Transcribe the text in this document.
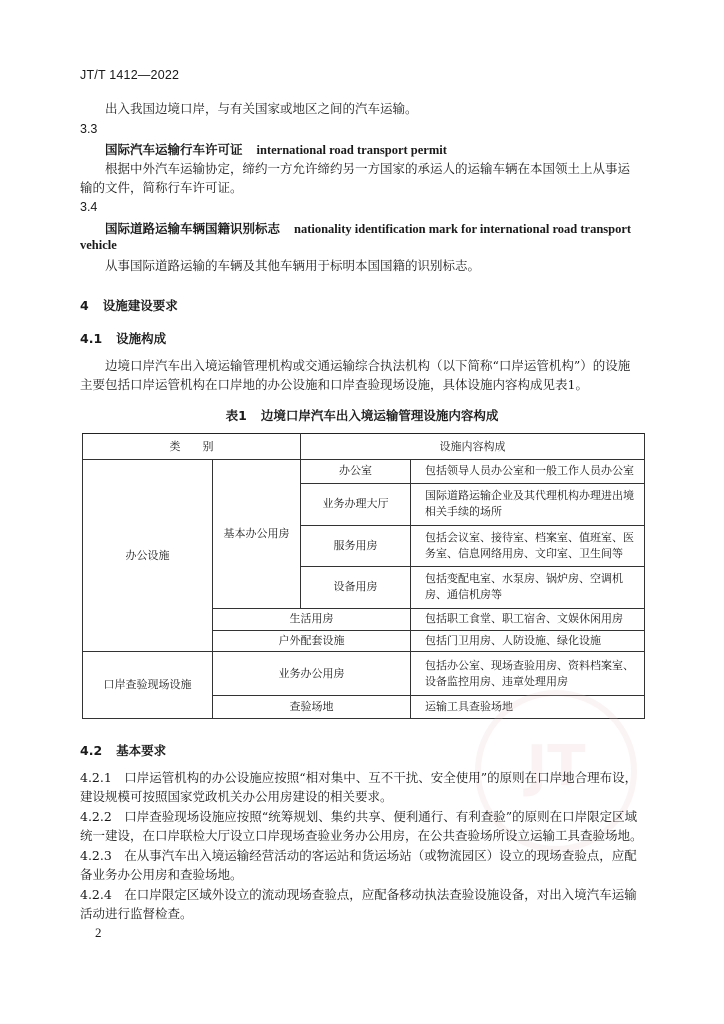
JT/T 1412—2022
出入我国边境口岸，与有关国家或地区之间的汽车运输。
3.3
国际汽车运输行车许可证 international road transport permit
根据中外汽车运输协定，缔约一方允许缔约另一方国家的承运人的运输车辆在本国领土上从事运
输的文件，简称行车许可证。
3.4
国际道路运输车辆国籍识别标志 nationality identification mark for international road transport
vehicle
从事国际道路运输的车辆及其他车辆用于标明本国国籍的识别标志。
4 设施建设要求
4.1 设施构成
边境口岸汽车出入境运输管理机构或交通运输综合执法机构（以下简称“口岸运管机构”）的设施
主要包括口岸运管机构在口岸地的办公设施和口岸查验现场设施，具体设施内容构成见表1。
表1 边境口岸汽车出入境运输管理设施内容构成
类　　别		设施内容构成	
办公设施	基本办公用房	办公室	包括领导人员办公室和一般工作人员办公室
		业务办理大厅	国际道路运输企业及其代理机构办理进出境相关手续的场所
		服务用房	包括会议室、接待室、档案室、值班室、医务室、信息网络用房、文印室、卫生间等
		设备用房	包括变配电室、水泵房、锅炉房、空调机房、通信机房等
	生活用房		包括职工食堂、职工宿舍、文娱休闲用房
	户外配套设施		包括门卫用房、人防设施、绿化设施
口岸查验现场设施	业务办公用房		包括办公室、现场查验用房、资料档案室、设备监控用房、违章处理用房
	查验场地		运输工具查验场地
JT
4.2 基本要求
4.2.1　口岸运管机构的办公设施应按照“相对集中、互不干扰、安全使用”的原则在口岸地合理布设，
建设规模可按照国家党政机关办公用房建设的相关要求。
4.2.2　口岸查验现场设施应按照“统筹规划、集约共享、便利通行、有利查验”的原则在口岸限定区域
统一建设，在口岸联检大厅设立口岸现场查验业务办公用房，在公共查验场所设立运输工具查验场地。
4.2.3　在从事汽车出入境运输经营活动的客运站和货运场站（或物流园区）设立的现场查验点，应配
备业务办公用房和查验场地。
4.2.4　在口岸限定区域外设立的流动现场查验点，应配备移动执法查验设施设备，对出入境汽车运输
活动进行监督检查。
2
